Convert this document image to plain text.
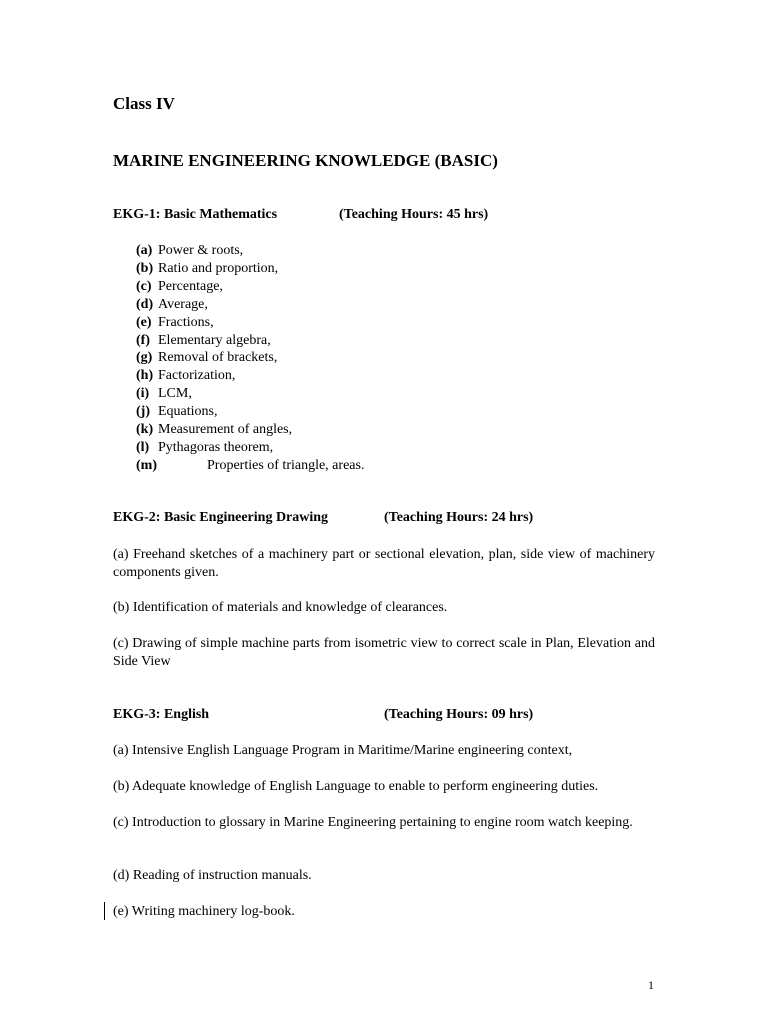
Class IV
MARINE ENGINEERING KNOWLEDGE (BASIC)
EKG-1: Basic Mathematics	(Teaching Hours: 45 hrs)
(a) Power & roots,
(b) Ratio and proportion,
(c) Percentage,
(d) Average,
(e) Fractions,
(f) Elementary algebra,
(g) Removal of brackets,
(h) Factorization,
(i) LCM,
(j) Equations,
(k) Measurement of angles,
(l) Pythagoras theorem,
(m)	Properties of triangle, areas.
EKG-2: Basic Engineering Drawing	(Teaching Hours: 24 hrs)

(a) Freehand sketches of a machinery part or sectional elevation, plan, side view of machinery components given.

(b) Identification of materials and knowledge of clearances.

(c) Drawing of simple machine parts from isometric view to correct scale in Plan, Elevation and Side View

EKG-3: English	(Teaching Hours: 09 hrs)

(a) Intensive English Language Program in Maritime/Marine engineering context,

(b) Adequate knowledge of English Language to enable to perform engineering duties.

(c) Introduction to glossary in Marine Engineering pertaining to engine room watch keeping.

(d) Reading of instruction manuals.

(e) Writing machinery log-book.

1
